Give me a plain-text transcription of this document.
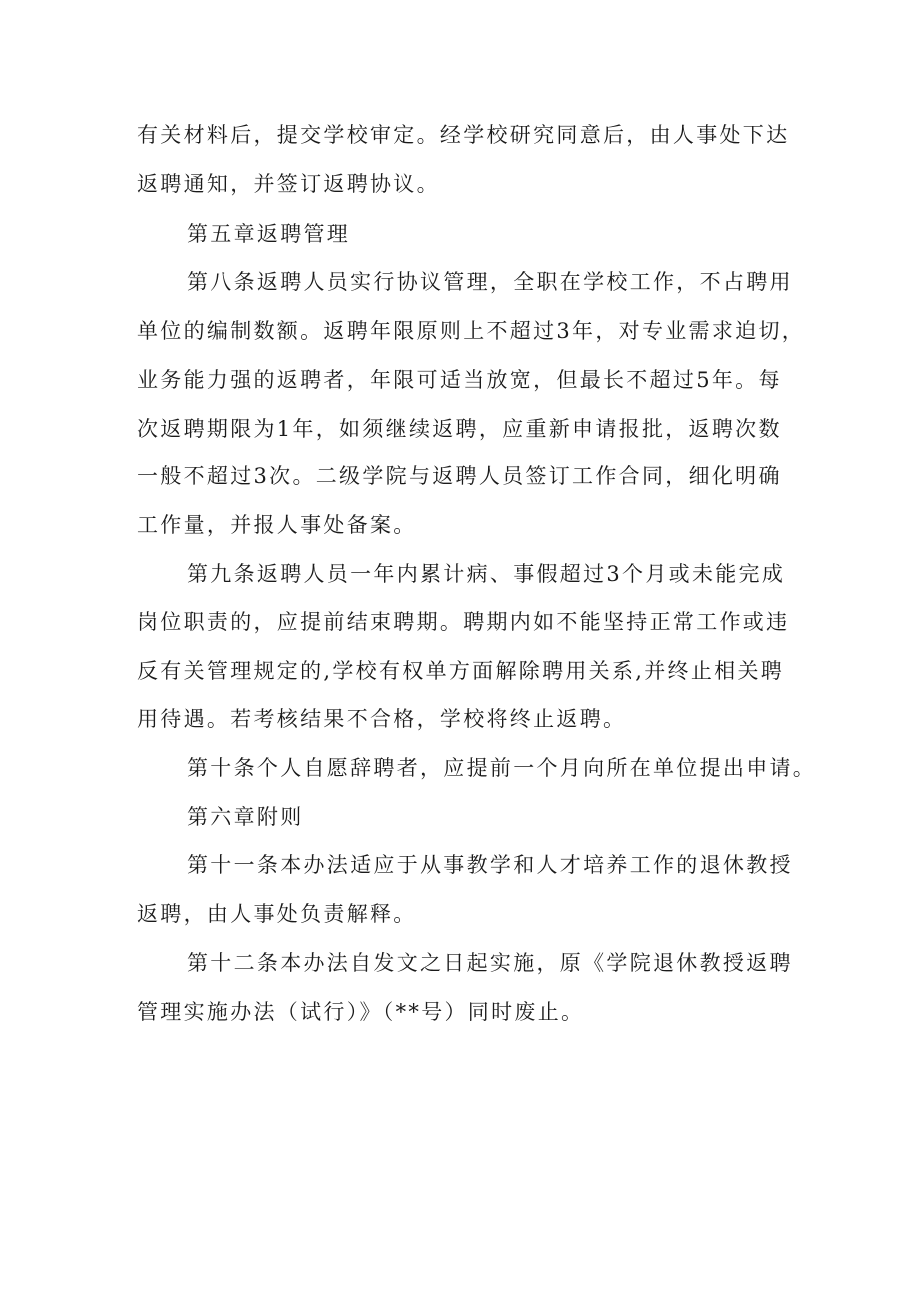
有关材料后，提交学校审定。经学校研究同意后，由人事处下达
返聘通知，并签订返聘协议。
第五章返聘管理
第八条返聘人员实行协议管理，全职在学校工作，不占聘用
单位的编制数额。返聘年限原则上不超过3年，对专业需求迫切，
业务能力强的返聘者，年限可适当放宽，但最长不超过5年。每
次返聘期限为1年，如须继续返聘，应重新申请报批，返聘次数
一般不超过3次。二级学院与返聘人员签订工作合同，细化明确
工作量，并报人事处备案。
第九条返聘人员一年内累计病、事假超过3个月或未能完成
岗位职责的，应提前结束聘期。聘期内如不能坚持正常工作或违
反有关管理规定的,学校有权单方面解除聘用关系,并终止相关聘
用待遇。若考核结果不合格，学校将终止返聘。
第十条个人自愿辞聘者，应提前一个月向所在单位提出申请。
第六章附则
第十一条本办法适应于从事教学和人才培养工作的退休教授
返聘，由人事处负责解释。
第十二条本办法自发文之日起实施，原《学院退休教授返聘
管理实施办法（试行）》（**号）同时废止。
